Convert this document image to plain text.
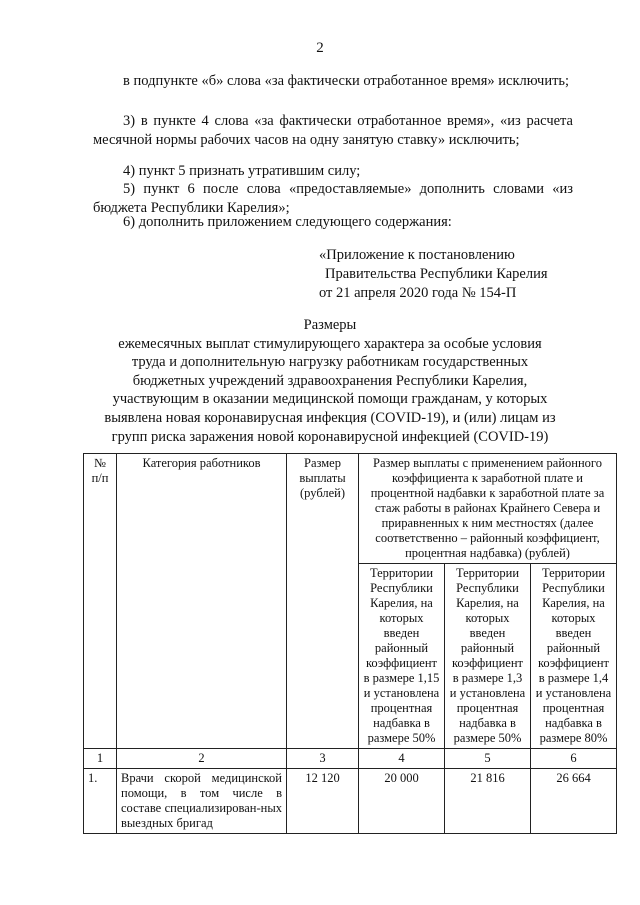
2
в подпункте «б» слова «за фактически отработанное время» исключить;
3) в пункте 4 слова «за фактически отработанное время», «из расчета месячной нормы рабочих часов на одну занятую ставку» исключить;
4) пункт 5 признать утратившим силу;
5) пункт 6 после слова «предоставляемые» дополнить словами «из бюджета Республики Карелия»;
6) дополнить приложением следующего содержания:
«Приложение к постановлению
Правительства Республики Карелия
от 21 апреля 2020 года № 154-П
Размеры
ежемесячных выплат стимулирующего характера за особые условия
труда и дополнительную нагрузку работникам государственных
бюджетных учреждений здравоохранения Республики Карелия,
участвующим в оказании медицинской помощи гражданам, у которых
выявлена новая коронавирусная инфекция (COVID-19), и (или) лицам из
групп риска заражения новой коронавирусной инфекцией (COVID-19)
№ п/п	Категория работников	Размер выплаты (рублей)	Размер выплаты с применением районного коэффициента к заработной плате и процентной надбавки к заработной плате за стаж работы в районах Крайнего Севера и приравненных к ним местностях (далее соответственно – районный коэффициент, процентная надбавка) (рублей)		
			Территории Республики Карелия, на которых введен районный коэффициент в размере 1,15 и установлена процентная надбавка в размере 50%	Территории Республики Карелия, на которых введен районный коэффициент в размере 1,3 и установлена процентная надбавка в размере 50%	Территории Республики Карелия, на которых введен районный коэффициент в размере 1,4 и установлена процентная надбавка в размере 80%
1	2	3	4	5	6
1.	Врачи скорой медицинской помощи, в том числе в составе специализирован-ных выездных бригад	12 120	20 000	21 816	26 664
